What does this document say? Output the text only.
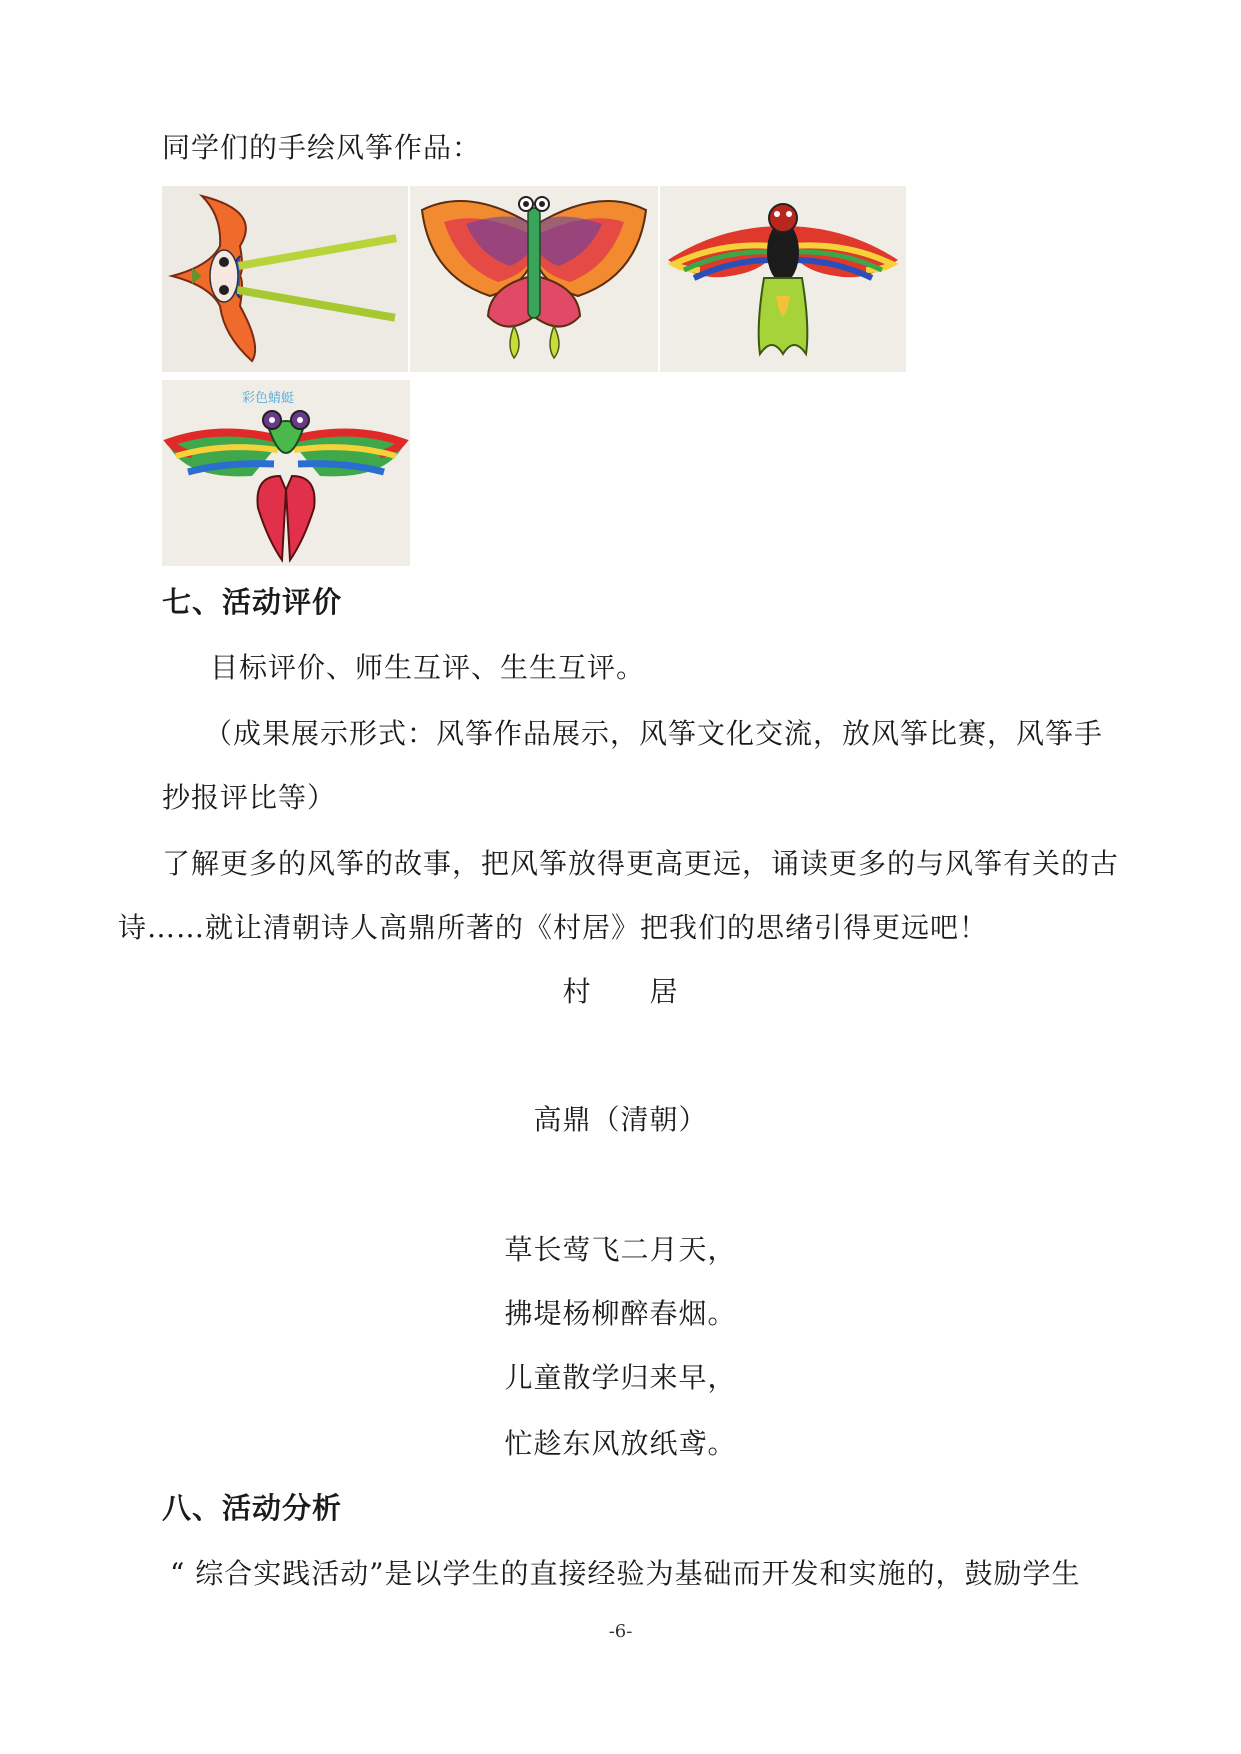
同学们的手绘风筝作品：
彩色蜻蜓
七、活动评价
目标评价、师生互评、生生互评。
（成果展示形式：风筝作品展示，风筝文化交流，放风筝比赛，风筝手
抄报评比等）
了解更多的风筝的故事，把风筝放得更高更远，诵读更多的与风筝有关的古
诗……就让清朝诗人高鼎所著的《村居》把我们的思绪引得更远吧！
村　　居
高鼎（清朝）
草长莺飞二月天，
拂堤杨柳醉春烟。
儿童散学归来早，
忙趁东风放纸鸢。
八、活动分析
“ 综合实践活动”是以学生的直接经验为基础而开发和实施的，鼓励学生
-6-
